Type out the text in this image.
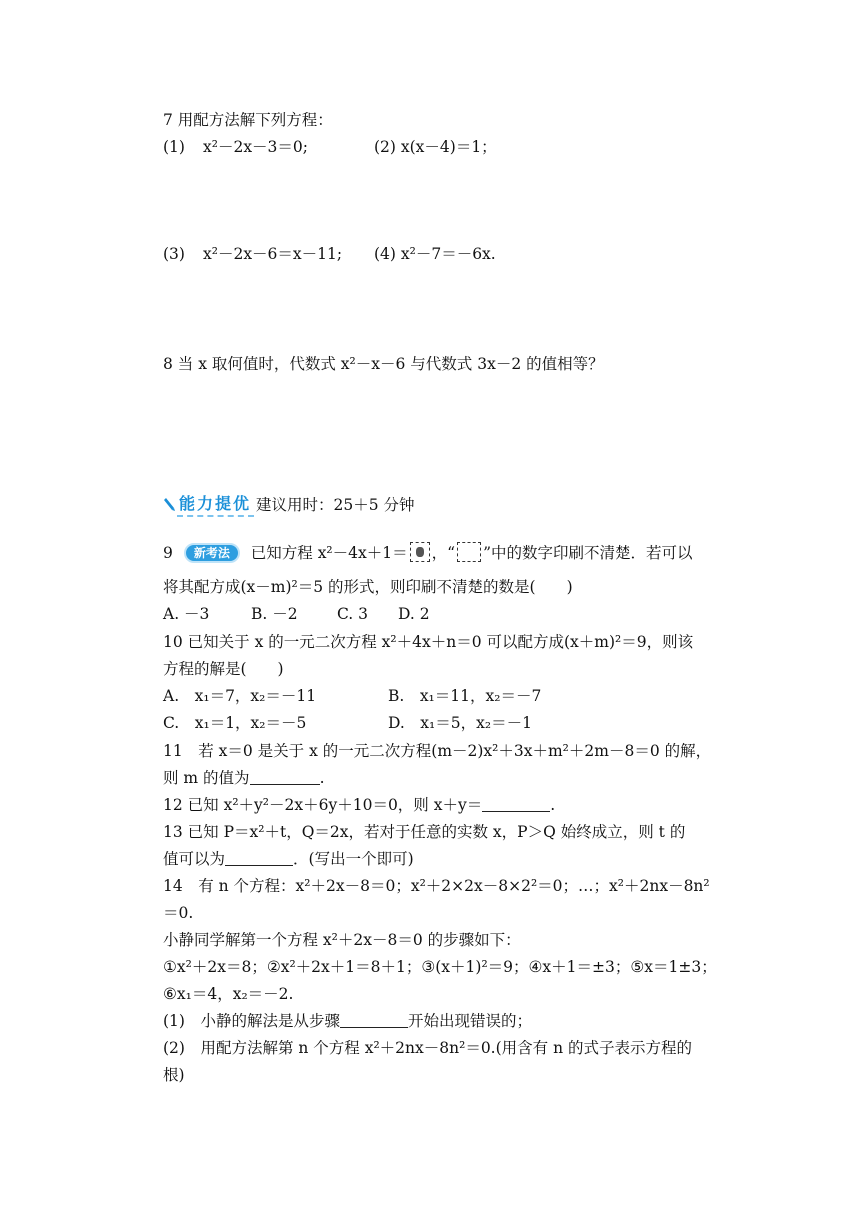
7 用配方法解下列方程：
(1) x²－2x－3＝0;	(2) x(x－4)＝1；
(3) x²－2x－6＝x－11; (4) x²－7＝－6x.
8 当 x 取何值时，代数式 x²－x－6 与代数式 3x－2 的值相等？
能力提优 建议用时：25＋5 分钟
9 新考法 已知方程 x²－4x＋1＝ ，“ ”中的数字印刷不清楚．若可以
将其配方成(x－m)²＝5 的形式，则印刷不清楚的数是(　　)
A. －3	B. －2	C. 3 D. 2
10 已知关于 x 的一元二次方程 x²＋4x＋n＝0 可以配方成(x＋m)²＝9，则该
方程的解是(　　)
A.　x₁＝7，x₂＝－11	B.　x₁＝11，x₂＝－7
C.　x₁＝1，x₂＝－5	D.　x₁＝5，x₂＝－1
11　若 x＝0 是关于 x 的一元二次方程(m－2)x²＋3x＋m²＋2m－8＝0 的解，
则 m 的值为	.
12 已知 x²＋y²－2x＋6y＋10＝0，则 x＋y＝	.
13 已知 P＝x²＋t，Q＝2x，若对于任意的实数 x，P＞Q 始终成立，则 t 的
值可以为	．(写出一个即可)
14　有 n 个方程：x²＋2x－8＝0；x²＋2×2x－8×2²＝0；…；x²＋2nx－8n²
＝0.
小静同学解第一个方程 x²＋2x－8＝0 的步骤如下：
①x²＋2x＝8；②x²＋2x＋1＝8＋1；③(x＋1)²＝9；④x＋1＝±3；⑤x＝1±3；
⑥x₁＝4，x₂＝－2.
(1)　小静的解法是从步骤	开始出现错误的；
(2)　用配方法解第 n 个方程 x²＋2nx－8n²＝0.(用含有 n 的式子表示方程的
根)
